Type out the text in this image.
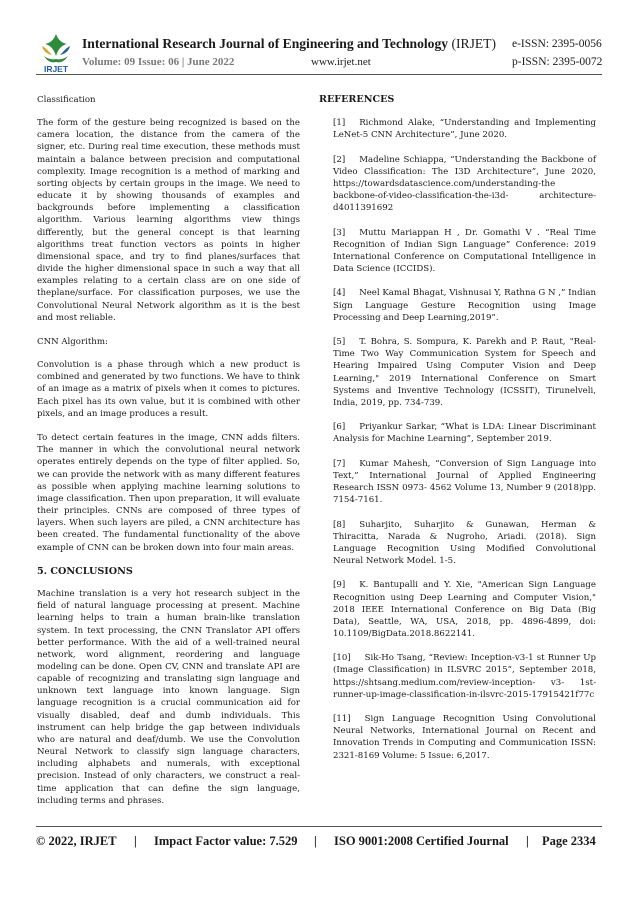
IRJET
International Research Journal of Engineering and Technology (IRJET) e-ISSN: 2395-0056
Volume: 09 Issue: 06 | June 2022	www.irjet.net	p-ISSN: 2395-0072

Classification

The form of the gesture being recognized is based on the camera location, the distance from the camera of the signer, etc. During real time execution, these methods must maintain a balance between precision and computational complexity. Image recognition is a method of marking and sorting objects by certain groups in the image. We need to educate it by showing thousands of examples and backgrounds before implementing a classification algorithm. Various learning algorithms view things differently, but the general concept is that learning algorithms treat function vectors as points in higher dimensional space, and try to find planes/surfaces that divide the higher dimensional space in such a way that all examples relating to a certain class are on one side of theplane/surface. For classification purposes, we use the Convolutional Neural Network algorithm as it is the best and most reliable.

CNN Algorithm:

Convolution is a phase through which a new product is combined and generated by two functions. We have to think of an image as a matrix of pixels when it comes to pictures. Each pixel has its own value, but it is combined with other pixels, and an image produces a result.

To detect certain features in the image, CNN adds filters. The manner in which the convolutional neural network operates entirely depends on the type of filter applied. So, we can provide the network with as many different features as possible when applying machine learning solutions to image classification. Then upon preparation, it will evaluate their principles. CNNs are composed of three types of layers. When such layers are piled, a CNN architecture has been created. The fundamental functionality of the above example of CNN can be broken down into four main areas.

5. CONCLUSIONS

Machine translation is a very hot research subject in the field of natural language processing at present. Machine learning helps to train a human brain-like translation system. In text processing, the CNN Translator API offers better performance. With the aid of a well-trained neural network, word alignment, reordering and language modeling can be done. Open CV, CNN and translate API are capable of recognizing and translating sign language and unknown text language into known language. Sign language recognition is a crucial communication aid for visually disabled, deaf and dumb individuals. This instrument can help bridge the gap between individuals who are natural and deaf/dumb. We use the Convolution Neural Network to classify sign language characters, including alphabets and numerals, with exceptional precision. Instead of only characters, we construct a real-time application that can define the sign language, including terms and phrases.

REFERENCES
[1] Richmond Alake, “Understanding and Implementing LeNet-5 CNN Architecture”, June 2020.
[2] Madeline Schiappa, “Understanding the Backbone of Video Classification: The I3D Architecture”, June 2020, https://towardsdatascience.com/understanding-the backbone-of-video-classification-the-i3d- architecture-d4011391692
[3] Muttu Mariappan H , Dr. Gomathi V . “Real Time Recognition of Indian Sign Language” Conference: 2019 International Conference on Computational Intelligence in Data Science (ICCIDS).
[4] Neel Kamal Bhagat, Vishnusai Y, Rathna G N ,” Indian Sign Language Gesture Recognition using Image Processing and Deep Learning,2019”.
[5] T. Bohra, S. Sompura, K. Parekh and P. Raut, "Real-Time Two Way Communication System for Speech and Hearing Impaired Using Computer Vision and Deep Learning," 2019 International Conference on Smart Systems and Inventive Technology (ICSSIT), Tirunelveli, India, 2019, pp. 734-739.
[6] Priyankur Sarkar, “What is LDA: Linear Discriminant Analysis for Machine Learning”, September 2019.
[7] Kumar Mahesh, “Conversion of Sign Language into Text,” International Journal of Applied Engineering Research ISSN 0973- 4562 Volume 13, Number 9 (2018)pp. 7154-7161.
[8] Suharjito, Suharjito & Gunawan, Herman & Thiracitta, Narada & Nugroho, Ariadi. (2018). Sign Language Recognition Using Modified Convolutional Neural Network Model. 1-5.
[9] K. Bantupalli and Y. Xie, "American Sign Language Recognition using Deep Learning and Computer Vision," 2018 IEEE International Conference on Big Data (Big Data), Seattle, WA, USA, 2018, pp. 4896-4899, doi: 10.1109/BigData.2018.8622141.
[10] Sik-Ho Tsang, “Review: Inception-v3-1 st Runner Up (Image Classification) in ILSVRC 2015”, September 2018, https://shtsang.medium.com/review-inception- v3- 1st-runner-up-image-classification-in-ilsvrc-2015-17915421f77c
[11] Sign Language Recognition Using Convolutional Neural Networks, International Journal on Recent and Innovation Trends in Computing and Communication ISSN: 2321-8169 Volume: 5 Issue: 6,2017.
© 2022, IRJET | Impact Factor value: 7.529 | ISO 9001:2008 Certified Journal | Page 2334
